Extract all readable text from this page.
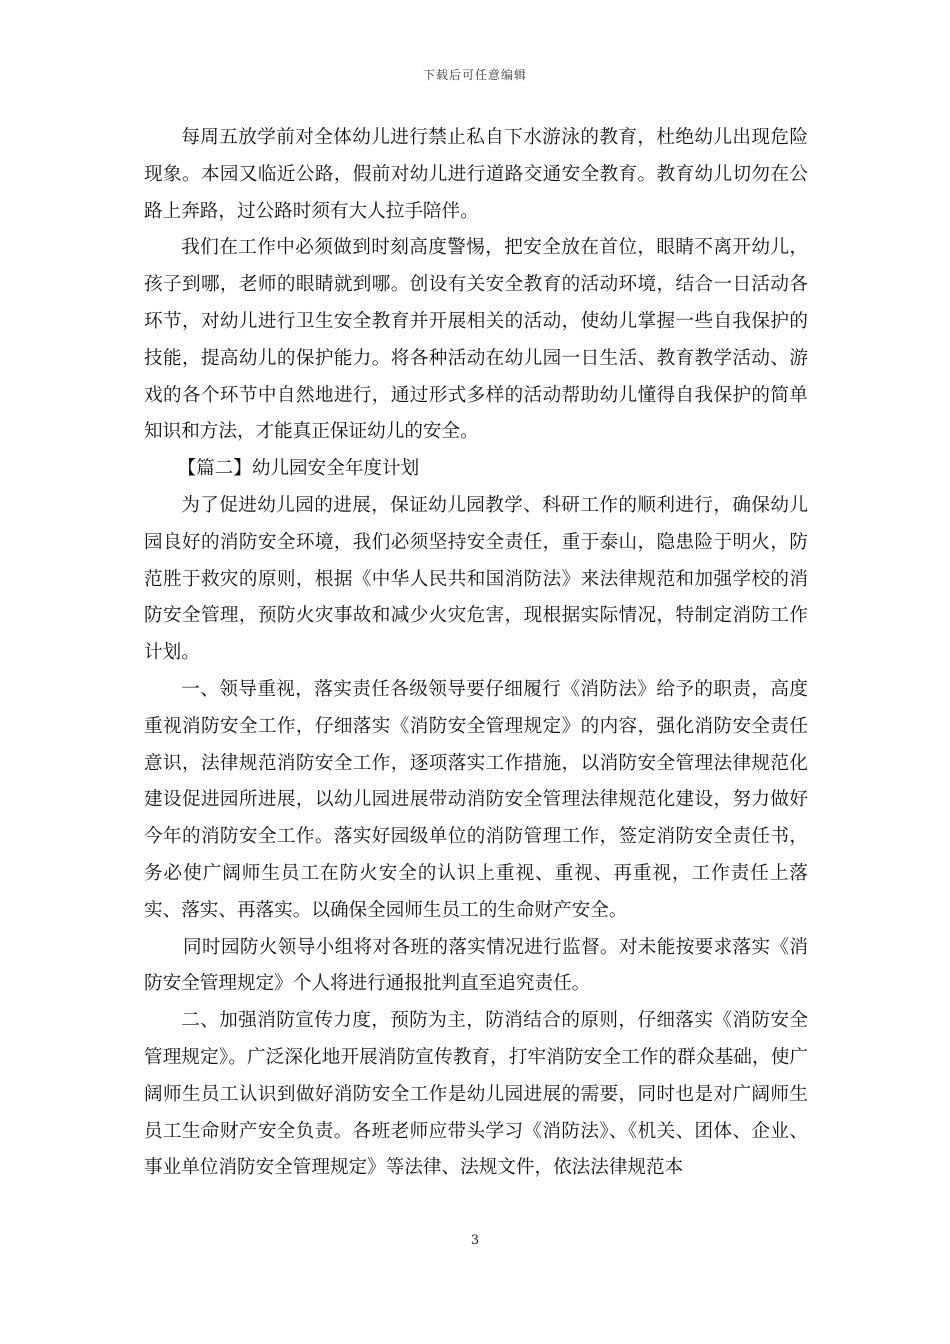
下载后可任意编辑

每周五放学前对全体幼儿进行禁止私自下水游泳的教育，杜绝幼儿出现危险现象。本园又临近公路，假前对幼儿进行道路交通安全教育。教育幼儿切勿在公路上奔路，过公路时须有大人拉手陪伴。

我们在工作中必须做到时刻高度警惕，把安全放在首位，眼睛不离开幼儿，孩子到哪，老师的眼睛就到哪。创设有关安全教育的活动环境，结合一日活动各环节，对幼儿进行卫生安全教育并开展相关的活动，使幼儿掌握一些自我保护的技能，提高幼儿的保护能力。将各种活动在幼儿园一日生活、教育教学活动、游戏的各个环节中自然地进行，通过形式多样的活动帮助幼儿懂得自我保护的简单知识和方法，才能真正保证幼儿的安全。

【篇二】幼儿园安全年度计划

为了促进幼儿园的进展，保证幼儿园教学、科研工作的顺利进行，确保幼儿园良好的消防安全环境，我们必须坚持安全责任，重于泰山，隐患险于明火，防范胜于救灾的原则，根据《中华人民共和国消防法》来法律规范和加强学校的消防安全管理，预防火灾事故和减少火灾危害，现根据实际情况，特制定消防工作计划。

一、领导重视，落实责任各级领导要仔细履行《消防法》给予的职责，高度重视消防安全工作，仔细落实《消防安全管理规定》的内容，强化消防安全责任意识，法律规范消防安全工作，逐项落实工作措施，以消防安全管理法律规范化建设促进园所进展，以幼儿园进展带动消防安全管理法律规范化建设，努力做好今年的消防安全工作。落实好园级单位的消防管理工作，签定消防安全责任书，务必使广阔师生员工在防火安全的认识上重视、重视、再重视，工作责任上落实、落实、再落实。以确保全园师生员工的生命财产安全。

同时园防火领导小组将对各班的落实情况进行监督。对未能按要求落实《消防安全管理规定》个人将进行通报批判直至追究责任。

二、加强消防宣传力度，预防为主，防消结合的原则，仔细落实《消防安全管理规定》。广泛深化地开展消防宣传教育，打牢消防安全工作的群众基础，使广阔师生员工认识到做好消防安全工作是幼儿园进展的需要，同时也是对广阔师生员工生命财产安全负责。各班老师应带头学习《消防法》、《机关、团体、企业、事业单位消防安全管理规定》等法律、法规文件，依法法律规范本

3
